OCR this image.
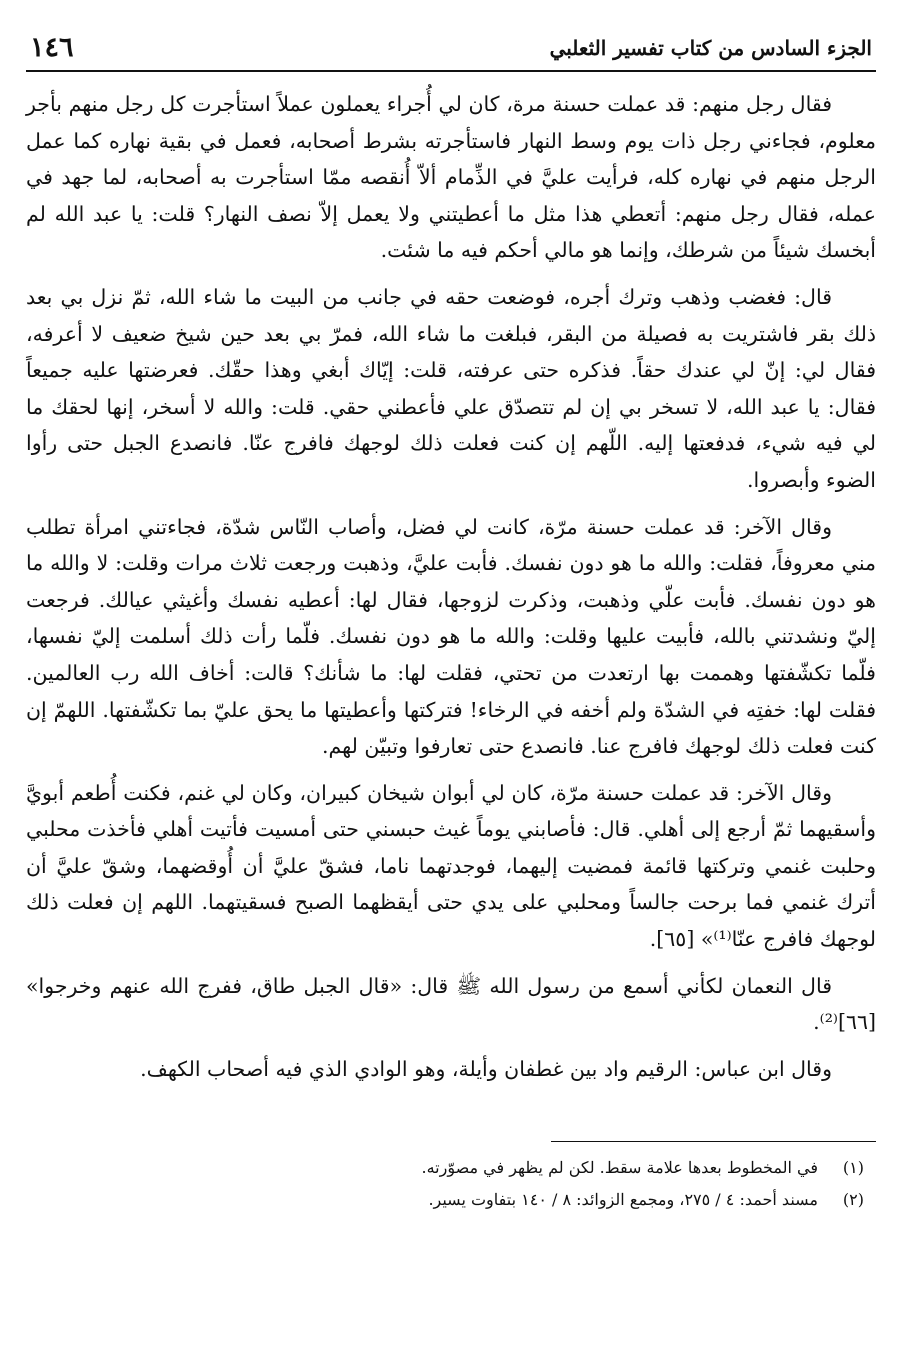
الجزء السادس من كتاب تفسير الثعلبي
١٤٦

فقال رجل منهم: قد عملت حسنة مرة، كان لي أُجراء يعملون عملاً استأجرت كل رجل منهم بأجر معلوم، فجاءني رجل ذات يوم وسط النهار فاستأجرته بشرط أصحابه، فعمل في بقية نهاره كما عمل الرجل منهم في نهاره كله، فرأيت عليَّ في الذِّمام ألاّ أُنقصه ممّا استأجرت به أصحابه، لما جهد في عمله، فقال رجل منهم: أتعطي هذا مثل ما أعطيتني ولا يعمل إلاّ نصف النهار؟ قلت: يا عبد الله لم أبخسك شيئاً من شرطك، وإنما هو مالي أحكم فيه ما شئت.

قال: فغضب وذهب وترك أجره، فوضعت حقه في جانب من البيت ما شاء الله، ثمّ نزل بي بعد ذلك بقر فاشتريت به فصيلة من البقر، فبلغت ما شاء الله، فمرّ بي بعد حين شيخ ضعيف لا أعرفه، فقال لي: إنّ لي عندك حقاً. فذكره حتى عرفته، قلت: إيّاك أبغي وهذا حقّك. فعرضتها عليه جميعاً فقال: يا عبد الله، لا تسخر بي إن لم تتصدّق علي فأعطني حقي. قلت: والله لا أسخر، إنها لحقك ما لي فيه شيء، فدفعتها إليه. اللّهم إن كنت فعلت ذلك لوجهك فافرج عنّا. فانصدع الجبل حتى رأوا الضوء وأبصروا.

وقال الآخر: قد عملت حسنة مرّة، كانت لي فضل، وأصاب النّاس شدّة، فجاءتني امرأة تطلب مني معروفاً، فقلت: والله ما هو دون نفسك. فأبت عليَّ، وذهبت ورجعت ثلاث مرات وقلت: لا والله ما هو دون نفسك. فأبت علّي وذهبت، وذكرت لزوجها، فقال لها: أعطيه نفسك وأغيثي عيالك. فرجعت إليّ ونشدتني بالله، فأبيت عليها وقلت: والله ما هو دون نفسك. فلّما رأت ذلك أسلمت إليّ نفسها، فلّما تكشّفتها وهممت بها ارتعدت من تحتي، فقلت لها: ما شأنك؟ قالت: أخاف الله رب العالمين. فقلت لها: خفتِه في الشدّة ولم أخفه في الرخاء! فتركتها وأعطيتها ما يحق عليّ بما تكشّفتها. اللهمّ إن كنت فعلت ذلك لوجهك فافرج عنا. فانصدع حتى تعارفوا وتبيّن لهم.

وقال الآخر: قد عملت حسنة مرّة، كان لي أبوان شيخان كبيران، وكان لي غنم، فكنت أُطعم أبويَّ وأسقيهما ثمّ أرجع إلى أهلي. قال: فأصابني يوماً غيث حبسني حتى أمسيت فأتيت أهلي فأخذت محلبي وحلبت غنمي وتركتها قائمة فمضيت إليهما، فوجدتهما ناما، فشقّ عليَّ أن أُوقضهما، وشقّ عليَّ أن أترك غنمي فما برحت جالساً ومحلبي على يدي حتى أيقظهما الصبح فسقيتهما. اللهم إن فعلت ذلك لوجهك فافرج عنّا⁽¹⁾» [٦٥].

قال النعمان لكأني أسمع من رسول الله ﷺ قال: «قال الجبل طاق، ففرج الله عنهم وخرجوا» [٦٦]⁽²⁾.

وقال ابن عباس: الرقيم واد بين غطفان وأيلة، وهو الوادي الذي فيه أصحاب الكهف.

(١)
في المخطوط بعدها علامة سقط. لكن لم يظهر في مصوّرته.
(٢)
مسند أحمد: ٤ / ٢٧٥، ومجمع الزوائد: ٨ / ١٤٠ بتفاوت يسير.
